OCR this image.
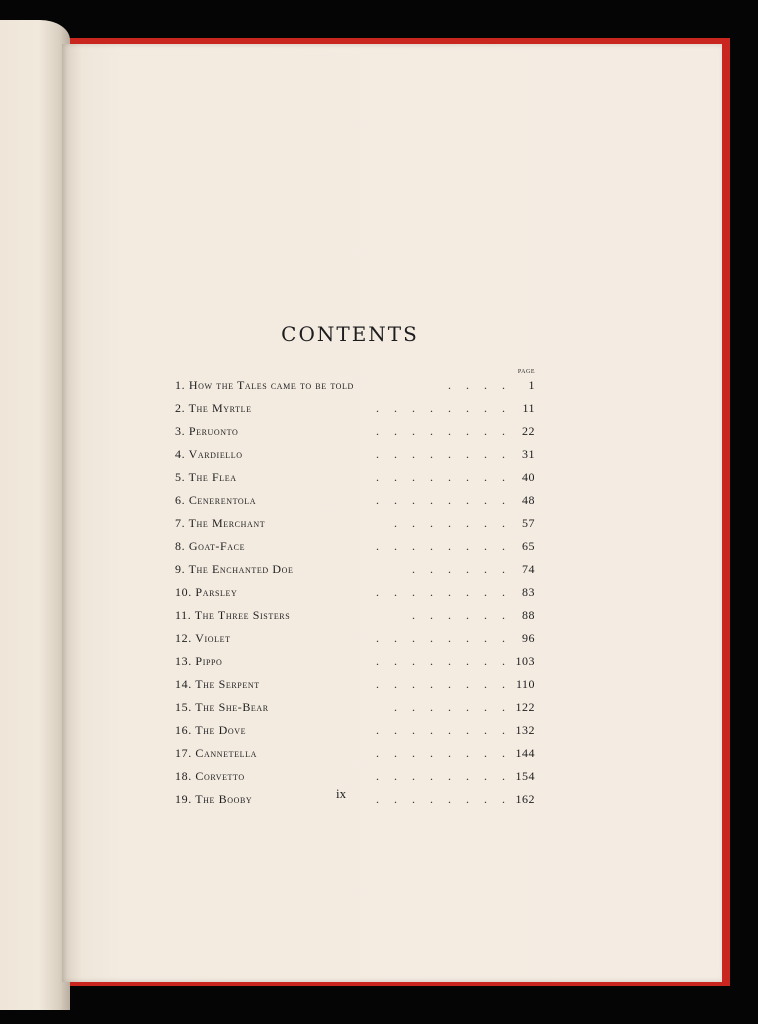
CONTENTS
PAGE
1. How the Tales came to be told	. . . . 1
2. The Myrtle	. . . . . . . . 11
3. Peruonto	. . . . . . . . 22
4. Vardiello	. . . . . . . . 31
5. The Flea	. . . . . . . . 40
6. Cenerentola	. . . . . . . . 48
7. The Merchant	. . . . . . . 57
8. Goat-Face	. . . . . . . . 65
9. The Enchanted Doe	. . . . . . 74
10. Parsley	. . . . . . . . 83
11. The Three Sisters	. . . . . . 88
12. Violet	. . . . . . . . 96
13. Pippo	. . . . . . . . 103
14. The Serpent	. . . . . . . . 110
15. The She-Bear	. . . . . . . 122
16. The Dove	. . . . . . . . 132
17. Cannetella	. . . . . . . . 144
18. Corvetto	. . . . . . . . 154
19. The Booby	. . . . . . . . 162
ix
